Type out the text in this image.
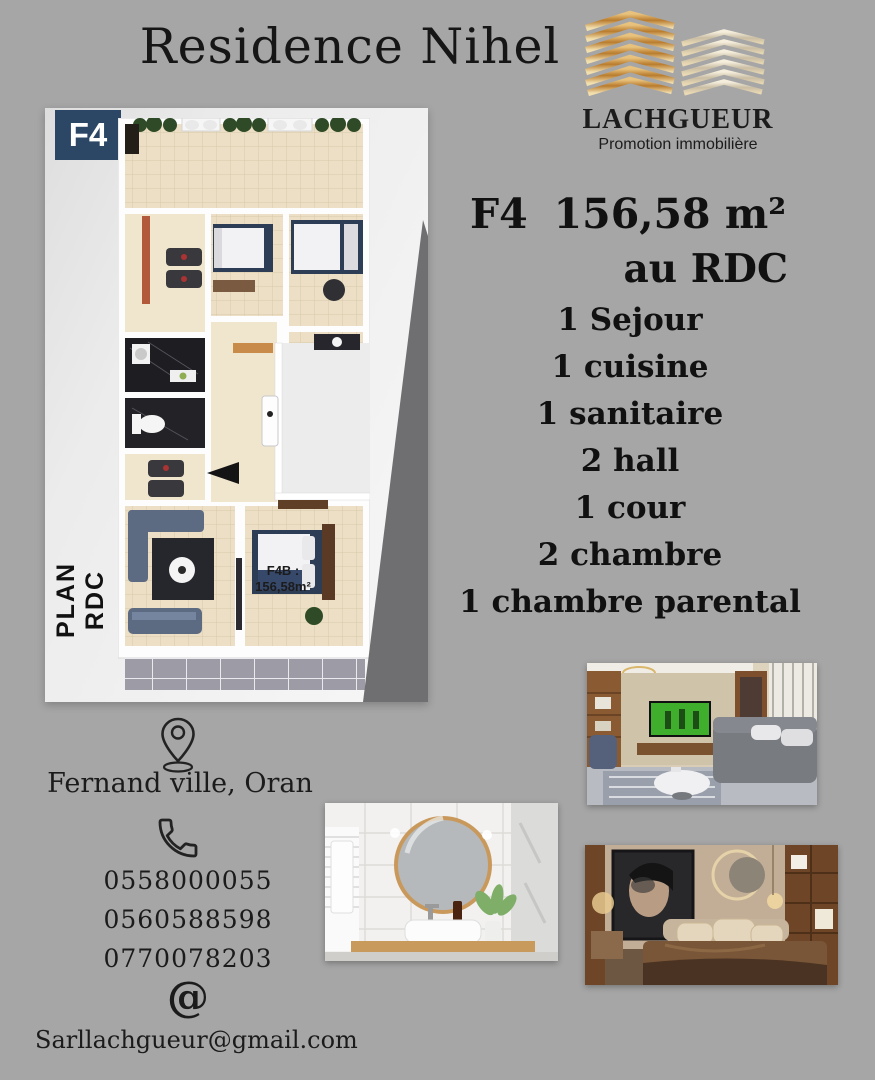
Residence Nihel
LACHGUEUR
Promotion immobilière
F4
PLAN RDC	F4B :
156,58m²
F4 156,58 m²
au RDC
1 Sejour
1 cuisine
1 sanitaire
2 hall
1 cour
2 chambre
1 chambre parental
Fernand ville, Oran
0558000055
0560588598
0770078203
@
Sarllachgueur@gmail.com
